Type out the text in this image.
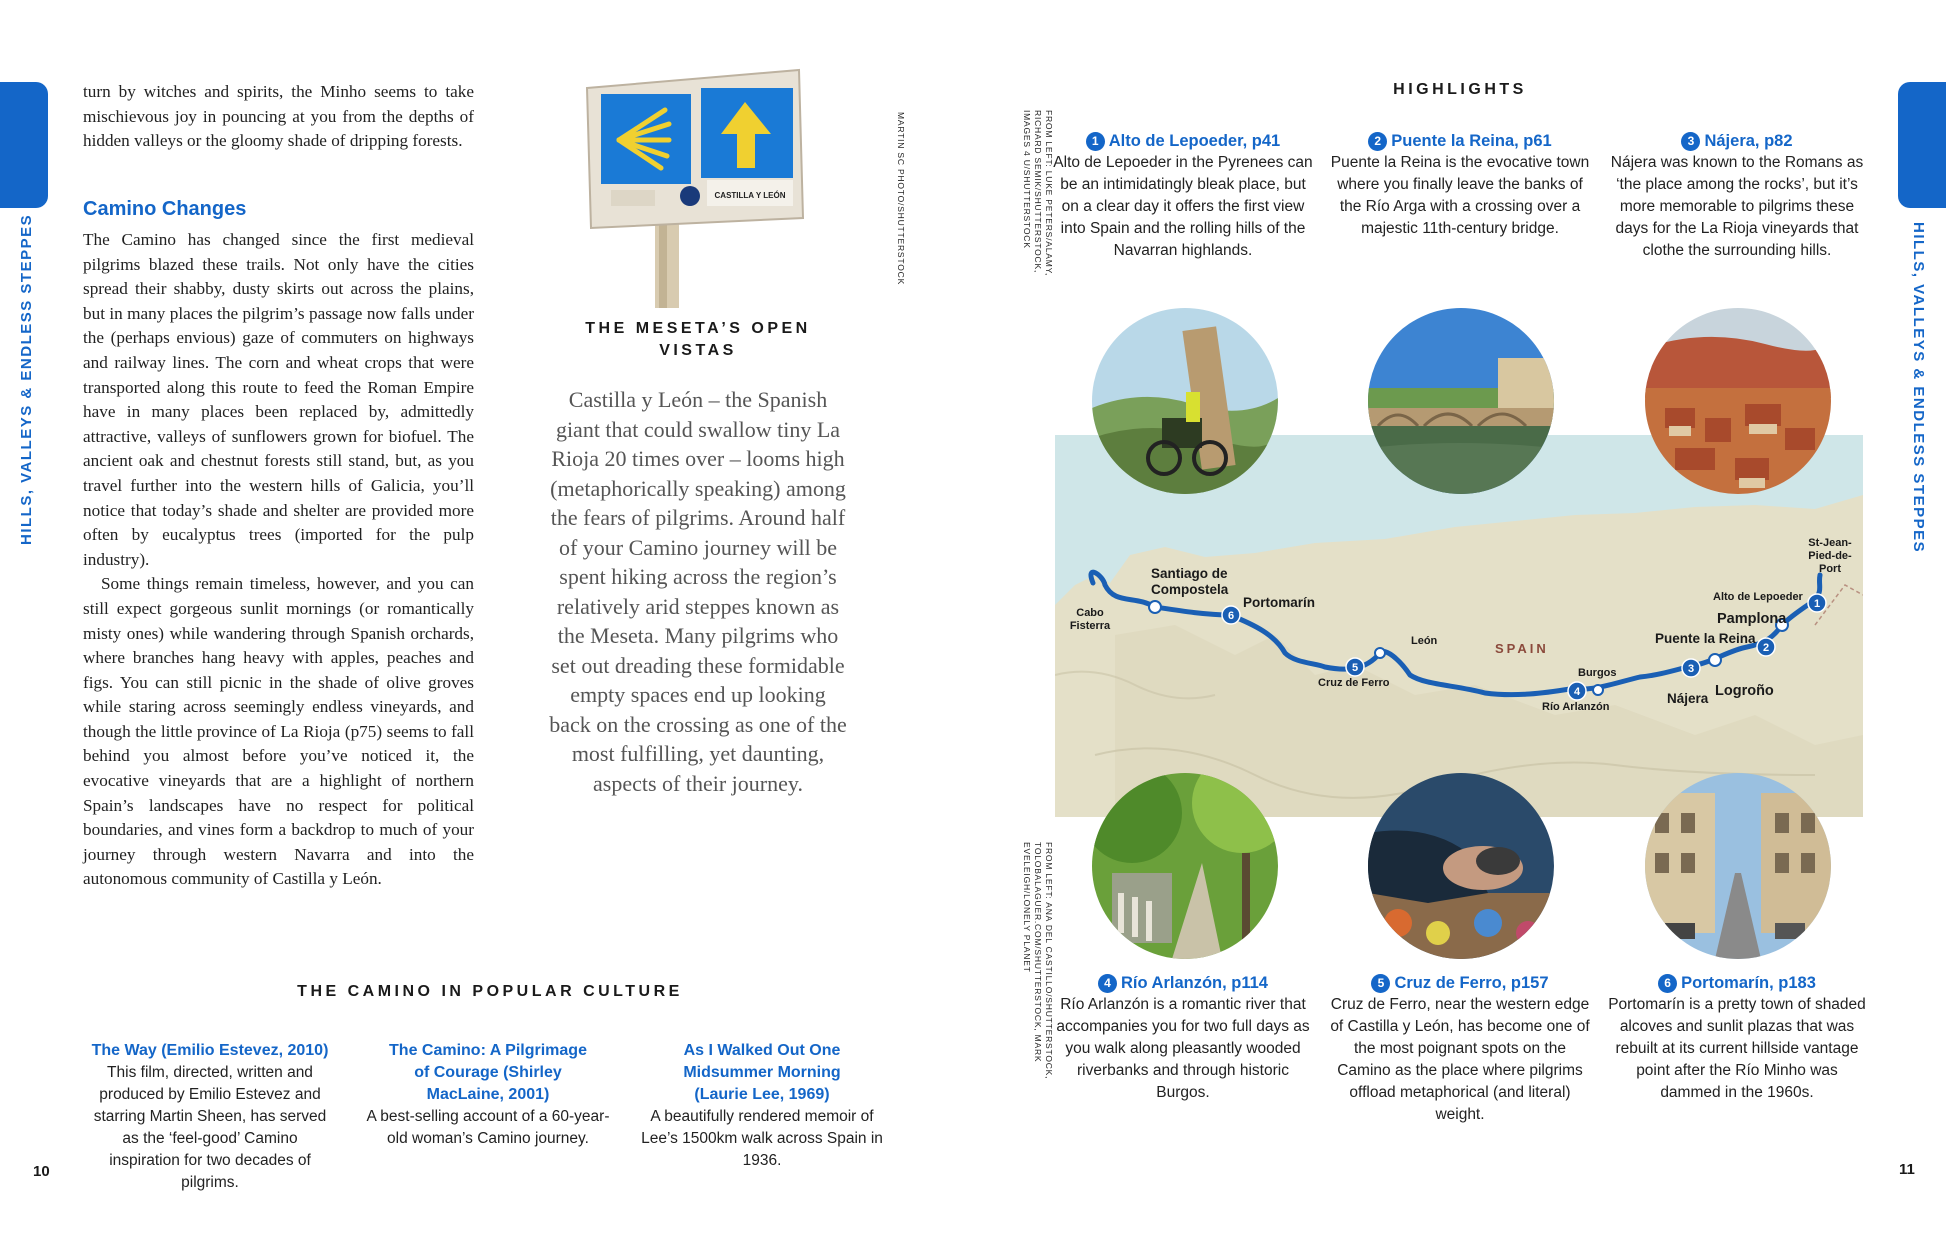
HILLS, VALLEYS & ENDLESS STEPPES	HILLS, VALLEYS & ENDLESS STEPPES

turn by witches and spirits, the Minho seems to take mischievous joy in pouncing at you from the depths of hidden valleys or the gloomy shade of dripping forests.

Camino Changes

The Camino has changed since the first medieval pilgrims blazed these trails. Not only have the cities spread their shabby, dusty skirts out across the plains, but in many places the pilgrim’s passage now falls under the (perhaps envious) gaze of commuters on highways and railway lines. The corn and wheat crops that were transported along this route to feed the Roman Empire have in many places been replaced by, admittedly attractive, valleys of sunflowers grown for biofuel. The ancient oak and chestnut forests still stand, but, as you travel further into the western hills of Galicia, you’ll notice that today’s shade and shelter are provided more often by eucalyptus trees (imported for the pulp industry).

Some things remain timeless, however, and you can still expect gorgeous sunlit mornings (or romantically misty ones) while wandering through Spanish orchards, where branches hang heavy with apples, peaches and figs. You can still picnic in the shade of olive groves while staring across seemingly endless vineyards, and though the little province of La Rioja (p75) seems to fall behind you almost before you’ve noticed it, the evocative vineyards that are a highlight of northern Spain’s landscapes have no respect for political boundaries, and vines form a backdrop to much of your journey through western Navarra and into the autonomous community of Castilla y León.

CASTILLA Y LEÓN	MARTIN SC PHOTO/SHUTTERSTOCK
THE MESETA’S OPEN VISTAS
Castilla y León – the Spanish giant that could swallow tiny La Rioja 20 times over – looms high (metaphorically speaking) among the fears of pilgrims. Around half of your Camino journey will be spent hiking across the region’s relatively arid steppes known as the Meseta. Many pilgrims who set out dreading these formidable empty spaces end up looking back on the crossing as one of the most fulfilling, yet daunting, aspects of their journey.
THE CAMINO IN POPULAR CULTURE
The Way (Emilio Estevez, 2010)

This film, directed, written and produced by Emilio Estevez and starring Martin Sheen, has served as the ‘feel-good’ Camino inspiration for two decades of pilgrims.

The Camino: A Pilgrimage of Courage (Shirley MacLaine, 2001)

A best-selling account of a 60-year-old woman’s Camino journey.

As I Walked Out One Midsummer Morning (Laurie Lee, 1969)

A beautifully rendered memoir of Lee’s 1500km walk across Spain in 1936.

10
HIGHLIGHTS
FROM LEFT: LUKE PETERS/ALAMY, RICHARD SEMIK/SHUTTERSTOCK, IMAGES 4 U/SHUTTERSTOCK
FROM LEFT: ANA DEL CASTILLO/SHUTTERSTOCK, TOLOBALAGUER.COM/SHUTTERSTOCK, MARK EVELEIGH/LONELY PLANET
1 Alto de Lepoeder, p41

Alto de Lepoeder in the Pyrenees can be an intimidatingly bleak place, but on a clear day it offers the first view into Spain and the rolling hills of the Navarran highlands.

2 Puente la Reina, p61

Puente la Reina is the evocative town where you finally leave the banks of the Río Arga with a crossing over a majestic 11th-century bridge.

3 Nájera, p82

Nájera was known to the Romans as ‘the place among the rocks’, but it’s more memorable to pilgrims these days for the La Rioja vineyards that clothe the surrounding hills.

1
2
3
4
5
6
St-Jean-Pied-de-Port
Alto de Lepoeder
Pamplona
Puente la Reina
Logroño
Nájera
Burgos
Río Arlanzón
León	SPAIN
Cruz de Ferro
Portomarín
Santiago de Compostela
Cabo Fisterra
4 Río Arlanzón, p114

Río Arlanzón is a romantic river that accompanies you for two full days as you walk along pleasantly wooded riverbanks and through historic Burgos.

5 Cruz de Ferro, p157

Cruz de Ferro, near the western edge of Castilla y León, has become one of the most poignant spots on the Camino as the place where pilgrims offload metaphorical (and literal) weight.

6 Portomarín, p183

Portomarín is a pretty town of shaded alcoves and sunlit plazas that was rebuilt at its current hillside vantage point after the Río Minho was dammed in the 1960s.

11
